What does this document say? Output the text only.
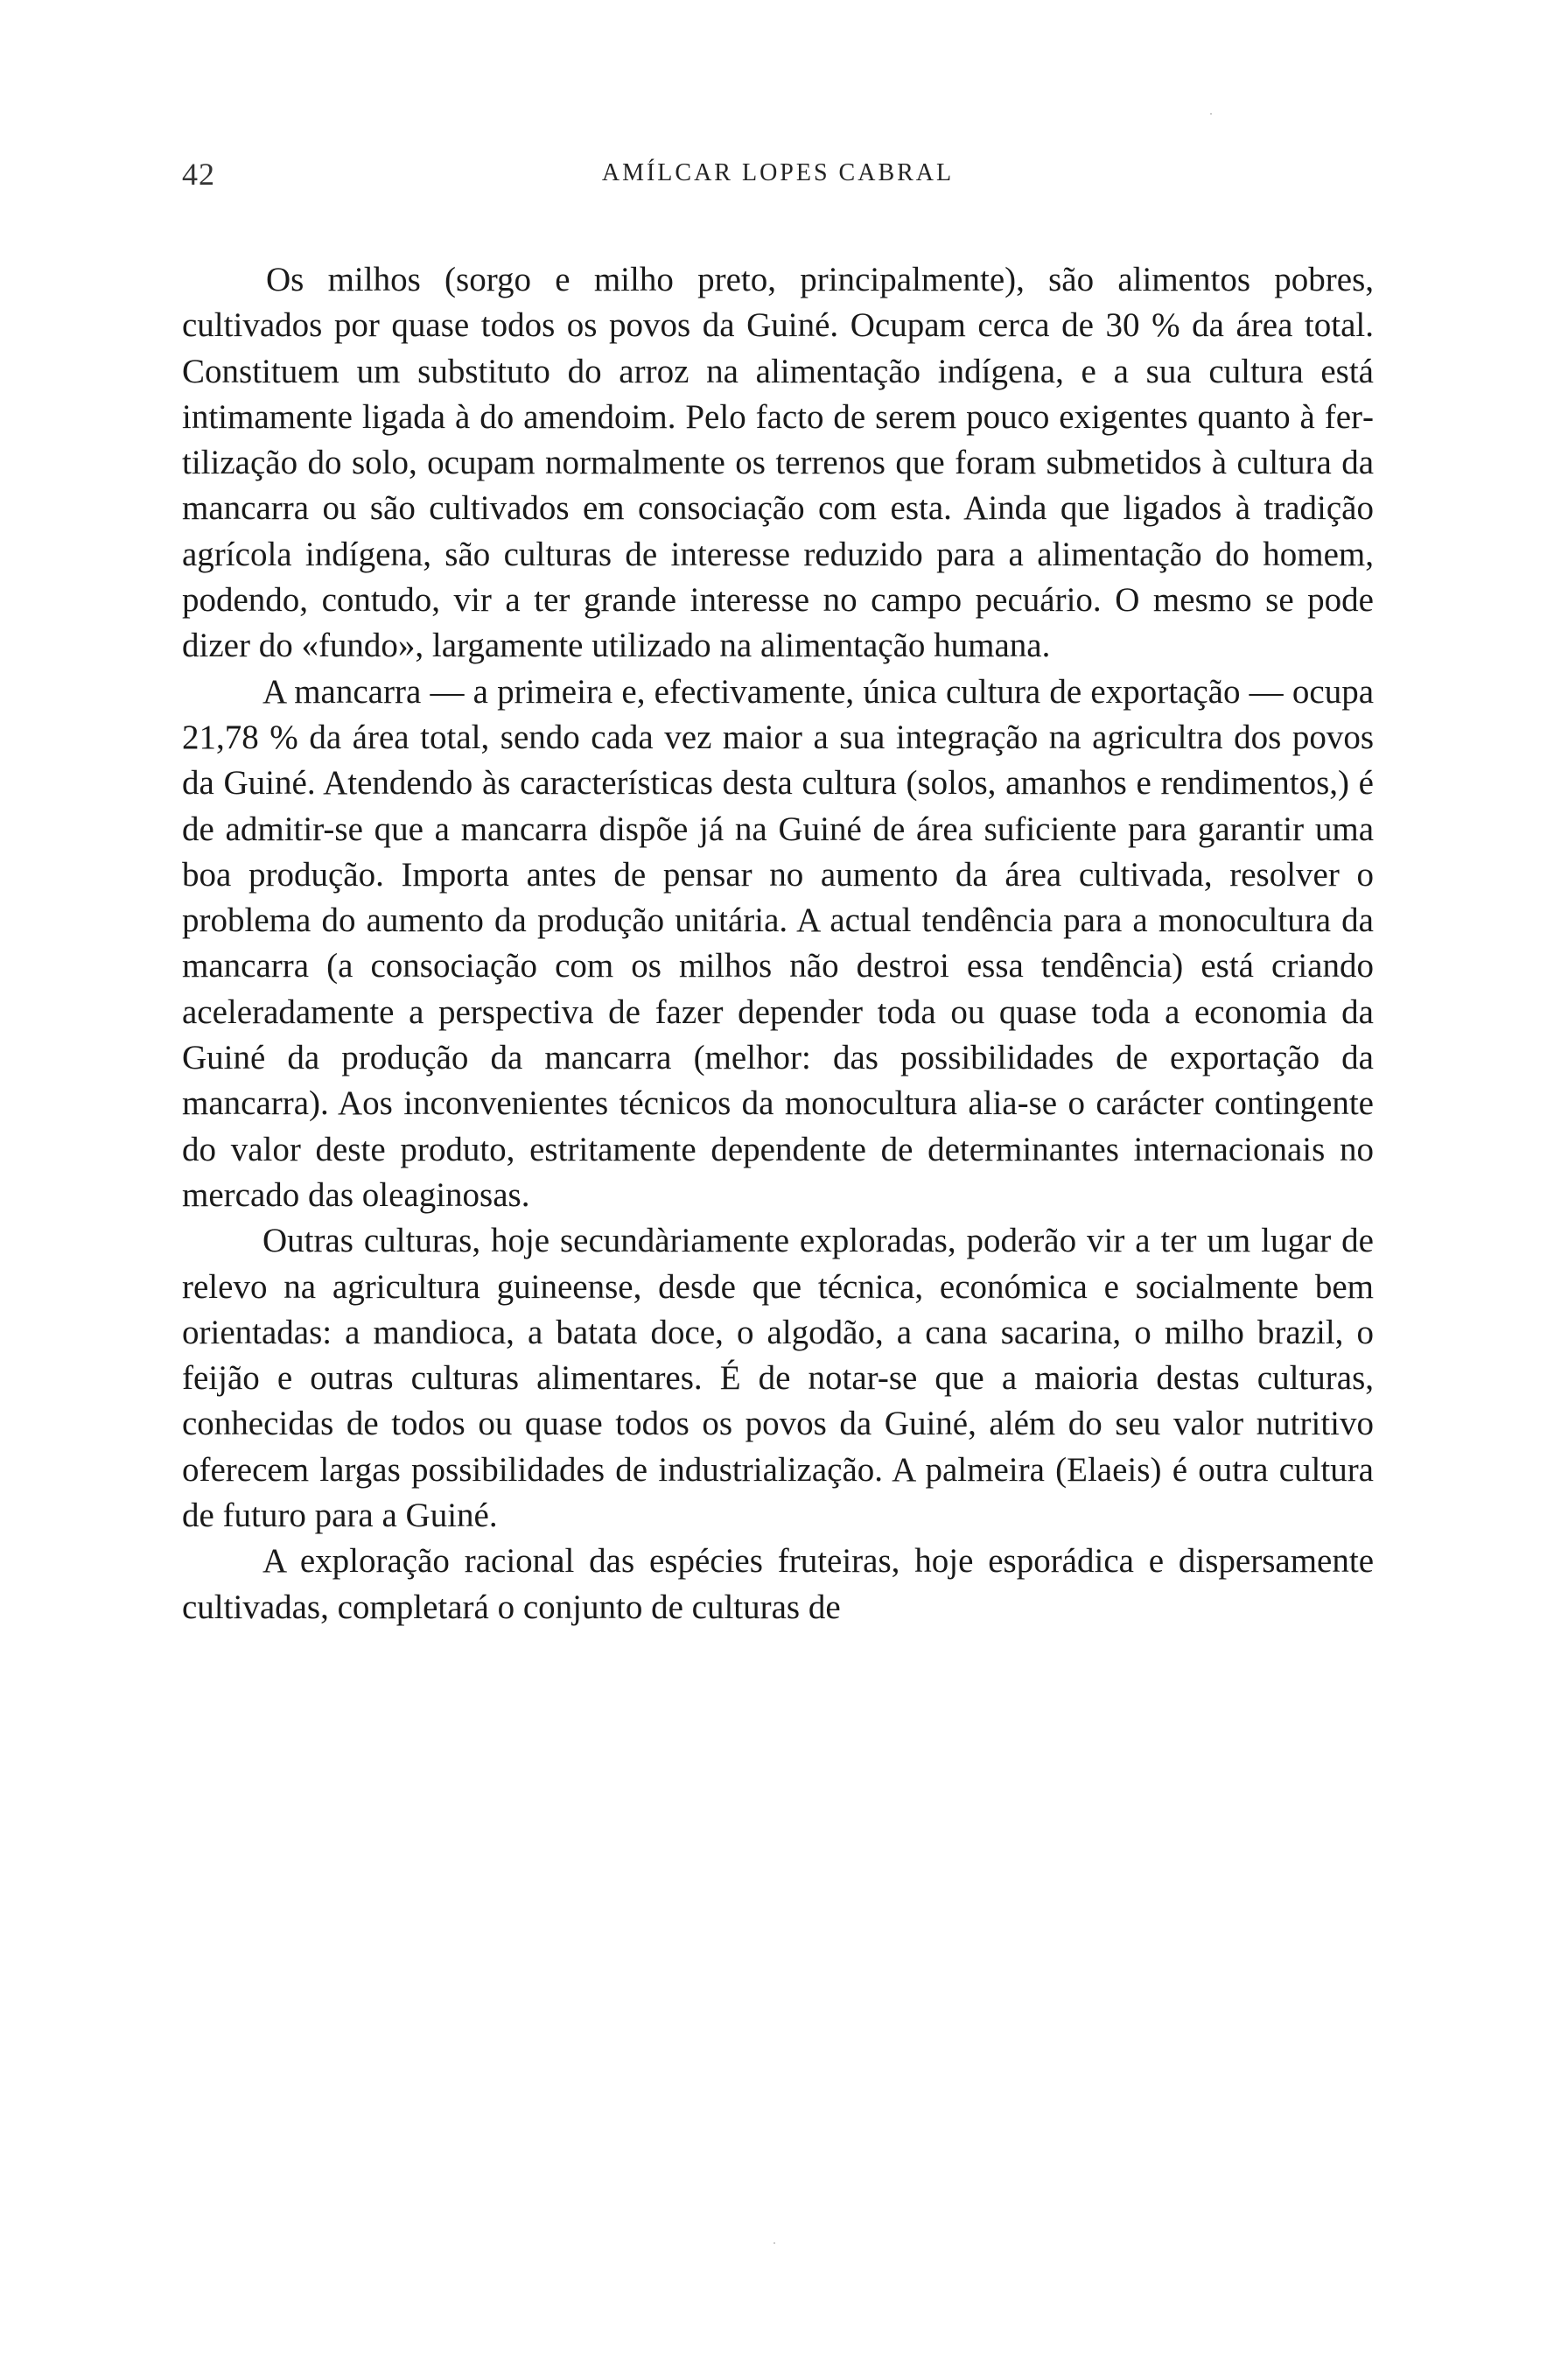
42	AMÍLCAR LOPES CABRAL

Os milhos (sorgo e milho preto, principalmente), são alimentos pobres, cultivados por quase todos os povos da Guiné. Ocupam cerca de 30 % da área total. Constituem um substituto do arroz na alimentação indígena, e a sua cultura está intimamente ligada à do amendoim. Pelo facto de serem pouco exigentes quanto à fertilização do solo, ocupam normalmente os terrenos que foram submetidos à cultura da mancarra ou são cultivados em consociação com esta. Ainda que ligados à tradição agrícola indígena, são culturas de interesse reduzido para a alimentação do homem, podendo, contudo, vir a ter grande interesse no campo pecuário. O mesmo se pode dizer do «fundo», largamente utilizado na alimentação humana.

A mancarra — a primeira e, efectivamente, única cultura de exportação — ocupa 21,78 % da área total, sendo cada vez maior a sua integração na agricultra dos povos da Guiné. Atendendo às características desta cultura (solos, amanhos e rendimentos,) é de admitir-se que a mancarra dispõe já na Guiné de área suficiente para garantir uma boa produção. Importa antes de pensar no aumento da área cultivada, resolver o problema do aumento da produção unitária. A actual tendência para a monocultura da mancarra (a consociação com os milhos não destroi essa tendência) está criando aceleradamente a perspectiva de fazer depender toda ou quase toda a economia da Guiné da produção da mancarra (melhor: das possibilidades de exportação da mancarra). Aos inconvenientes técnicos da monocultura alia-se o carácter contingente do valor deste produto, estritamente dependente de determinantes internacionais no mercado das oleaginosas.

Outras culturas, hoje secundàriamente exploradas, poderão vir a ter um lugar de relevo na agricultura guineense, desde que técnica, económica e socialmente bem orientadas: a mandioca, a batata doce, o algodão, a cana sacarina, o milho brazil, o feijão e outras culturas alimentares. É de notar-se que a maioria destas culturas, conhecidas de todos ou quase todos os povos da Guiné, além do seu valor nutritivo oferecem largas possibilidades de industrialização. A palmeira (Elaeis) é outra cultura de futuro para a Guiné.

A exploração racional das espécies fruteiras, hoje esporádica e dispersamente cultivadas, completará o conjunto de culturas de
